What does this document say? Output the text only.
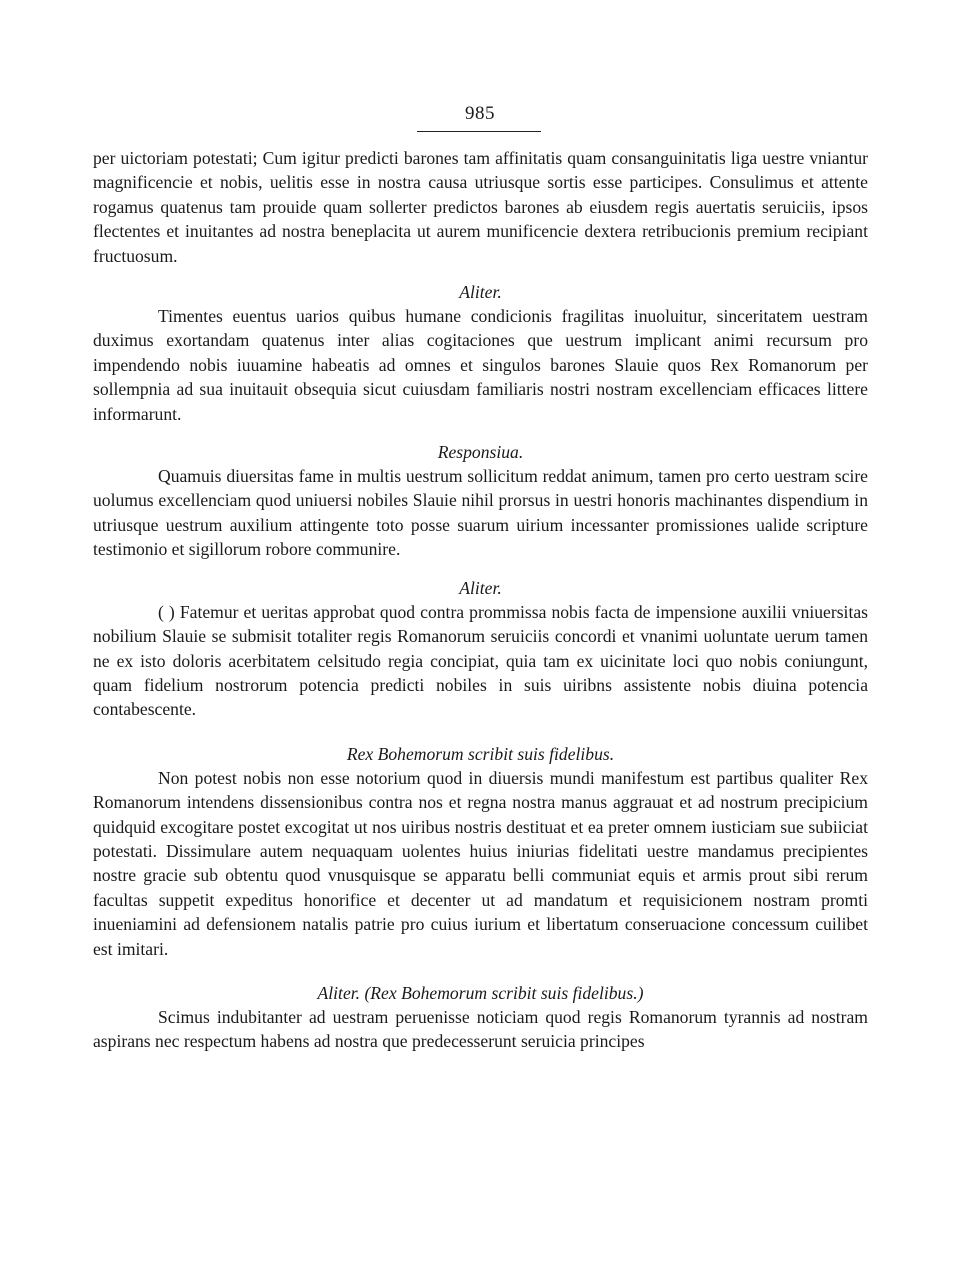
985

per uictoriam potestati; Cum igitur predicti barones tam affinitatis quam consanguinitatis liga uestre vniantur magnificencie et nobis, uelitis esse in nostra causa utriusque sortis esse participes. Consulimus et attente rogamus quatenus tam prouide quam sollerter predictos barones ab eiusdem regis auertatis seruiciis, ipsos flectentes et inuitantes ad nostra beneplacita ut aurem munificencie dextera retribucionis premium recipiant fructuosum.

Aliter.

Timentes euentus uarios quibus humane condicionis fragilitas inuoluitur, sinceritatem uestram duximus exortandam quatenus inter alias cogitaciones que uestrum implicant animi recursum pro impendendo nobis iuuamine habeatis ad omnes et singulos barones Slauie quos Rex Romanorum per sollempnia ad sua inuitauit obsequia sicut cuiusdam familiaris nostri nostram excellenciam efficaces littere informarunt.

Responsiua.

Quamuis diuersitas fame in multis uestrum sollicitum reddat animum, tamen pro certo uestram scire uolumus excellenciam quod uniuersi nobiles Slauie nihil prorsus in uestri honoris machinantes dispendium in utriusque uestrum auxilium attingente toto posse suarum uirium incessanter promissiones ualide scripture testimonio et sigillorum robore communire.

Aliter.

( ) Fatemur et ueritas approbat quod contra prommissa nobis facta de impensione auxilii vniuersitas nobilium Slauie se submisit totaliter regis Romanorum seruiciis concordi et vnanimi uoluntate uerum tamen ne ex isto doloris acerbitatem celsitudo regia concipiat, quia tam ex uicinitate loci quo nobis coniungunt, quam fidelium nostrorum potencia predicti nobiles in suis uiribns assistente nobis diuina potencia contabescente.

Rex Bohemorum scribit suis fidelibus.

Non potest nobis non esse notorium quod in diuersis mundi manifestum est partibus qualiter Rex Romanorum intendens dissensionibus contra nos et regna nostra manus aggrauat et ad nostrum precipicium quidquid excogitare postet excogitat ut nos uiribus nostris destituat et ea preter omnem iusticiam sue subiiciat potestati. Dissimulare autem nequaquam uolentes huius iniurias fidelitati uestre mandamus precipientes nostre gracie sub obtentu quod vnusquisque se apparatu belli communiat equis et armis prout sibi rerum facultas suppetit expeditus honorifice et decenter ut ad mandatum et requisicionem nostram promti inueniamini ad defensionem natalis patrie pro cuius iurium et libertatum conseruacione concessum cuilibet est imitari.

Aliter. (Rex Bohemorum scribit suis fidelibus.)

Scimus indubitanter ad uestram peruenisse noticiam quod regis Romanorum tyrannis ad nostram aspirans nec respectum habens ad nostra que predecesserunt seruicia principes
